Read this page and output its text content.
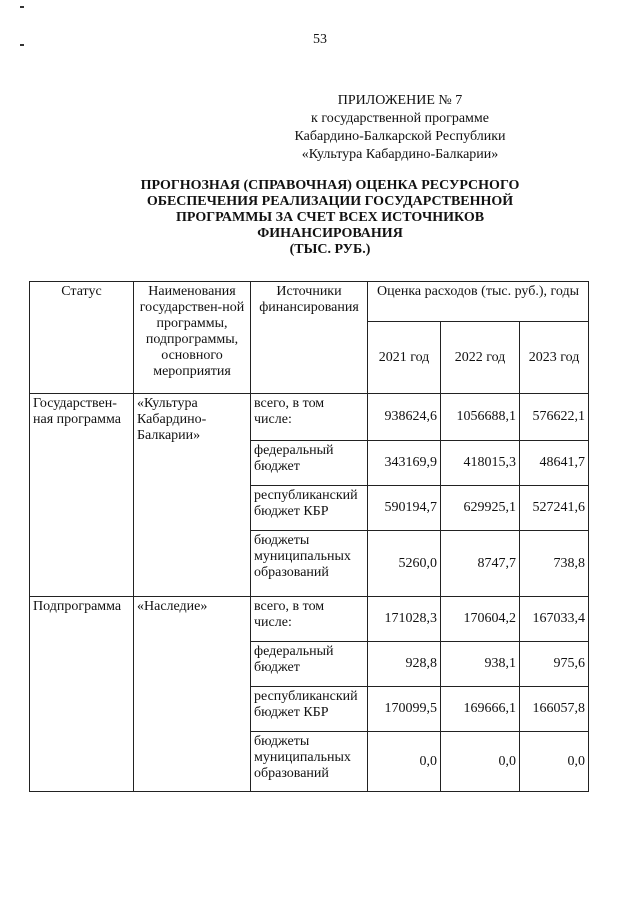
53
ПРИЛОЖЕНИЕ № 7
к государственной программе
Кабардино-Балкарской Республики
«Культура Кабардино-Балкарии»
ПРОГНОЗНАЯ (СПРАВОЧНАЯ) ОЦЕНКА РЕСУРСНОГО
ОБЕСПЕЧЕНИЯ РЕАЛИЗАЦИИ ГОСУДАРСТВЕННОЙ
ПРОГРАММЫ ЗА СЧЕТ ВСЕХ ИСТОЧНИКОВ
ФИНАНСИРОВАНИЯ
(ТЫС. РУБ.)
Статус	Наименования государствен-ной программы, подпрограммы, основного мероприятия	Источники финансирования	Оценка расходов (тыс. руб.), годы		
			2021 год	2022 год	2023 год
Государствен-ная программа	«Культура Кабардино-Балкарии»	всего, в том числе:	938624,6	1056688,1	576622,1
		федеральный бюджет	343169,9	418015,3	48641,7
		республиканский бюджет КБР	590194,7	629925,1	527241,6
		бюджеты муниципальных образований	5260,0	8747,7	738,8
Подпрограмма	«Наследие»	всего, в том числе:	171028,3	170604,2	167033,4
		федеральный бюджет	928,8	938,1	975,6
		республиканский бюджет КБР	170099,5	169666,1	166057,8
		бюджеты муниципальных образований	0,0	0,0	0,0
